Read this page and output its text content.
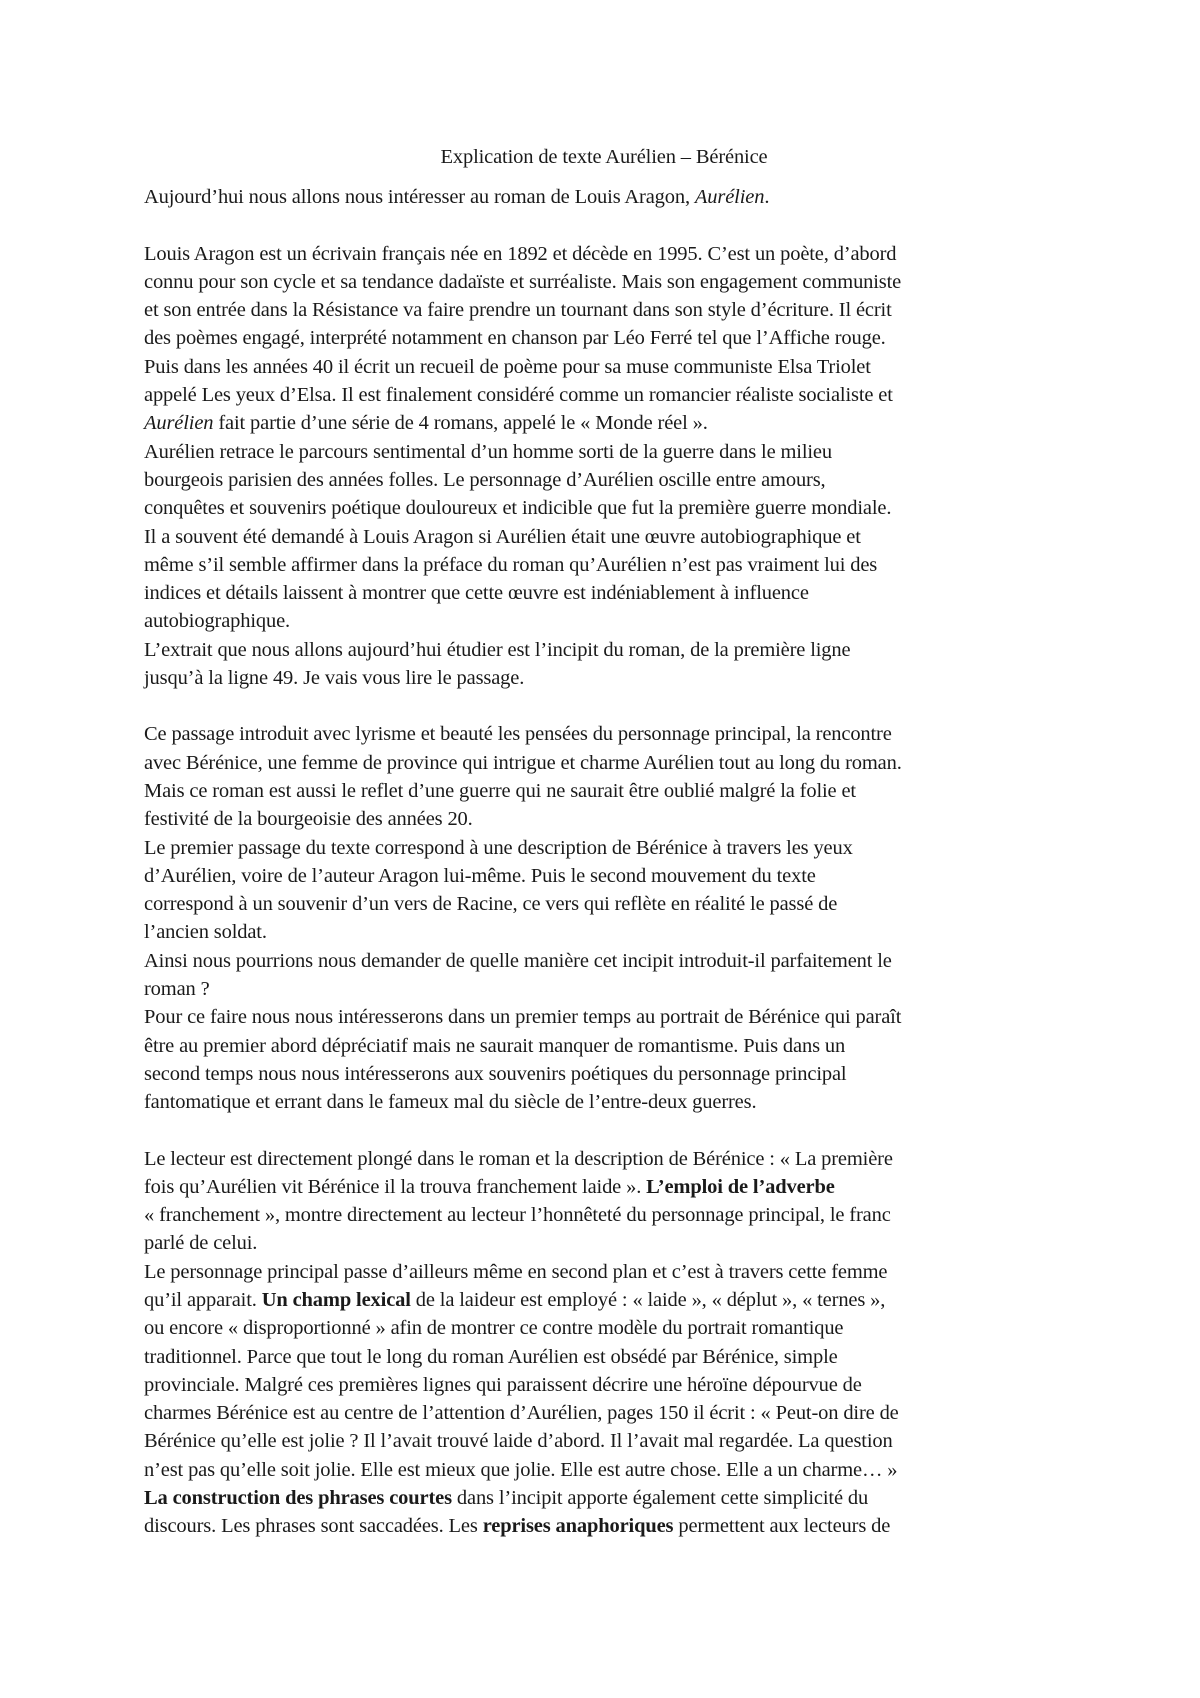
Explication de texte Aurélien – Bérénice
Aujourd’hui nous allons nous intéresser au roman de Louis Aragon, Aurélien.
Louis Aragon est un écrivain français née en 1892 et décède en 1995. C’est un poète, d’abord
connu pour son cycle et sa tendance dadaïste et surréaliste. Mais son engagement communiste
et son entrée dans la Résistance va faire prendre un tournant dans son style d’écriture. Il écrit
des poèmes engagé, interprété notamment en chanson par Léo Ferré tel que l’Affiche rouge.
Puis dans les années 40 il écrit un recueil de poème pour sa muse communiste Elsa Triolet
appelé Les yeux d’Elsa. Il est finalement considéré comme un romancier réaliste socialiste et
Aurélien fait partie d’une série de 4 romans, appelé le « Monde réel ».
Aurélien retrace le parcours sentimental d’un homme sorti de la guerre dans le milieu
bourgeois parisien des années folles. Le personnage d’Aurélien oscille entre amours,
conquêtes et souvenirs poétique douloureux et indicible que fut la première guerre mondiale.
Il a souvent été demandé à Louis Aragon si Aurélien était une œuvre autobiographique et
même s’il semble affirmer dans la préface du roman qu’Aurélien n’est pas vraiment lui des
indices et détails laissent à montrer que cette œuvre est indéniablement à influence
autobiographique.
L’extrait que nous allons aujourd’hui étudier est l’incipit du roman, de la première ligne
jusqu’à la ligne 49. Je vais vous lire le passage.
Ce passage introduit avec lyrisme et beauté les pensées du personnage principal, la rencontre
avec Bérénice, une femme de province qui intrigue et charme Aurélien tout au long du roman.
Mais ce roman est aussi le reflet d’une guerre qui ne saurait être oublié malgré la folie et
festivité de la bourgeoisie des années 20.
Le premier passage du texte correspond à une description de Bérénice à travers les yeux
d’Aurélien, voire de l’auteur Aragon lui-même. Puis le second mouvement du texte
correspond à un souvenir d’un vers de Racine, ce vers qui reflète en réalité le passé de
l’ancien soldat.
Ainsi nous pourrions nous demander de quelle manière cet incipit introduit-il parfaitement le
roman ?
Pour ce faire nous nous intéresserons dans un premier temps au portrait de Bérénice qui paraît
être au premier abord dépréciatif mais ne saurait manquer de romantisme. Puis dans un
second temps nous nous intéresserons aux souvenirs poétiques du personnage principal
fantomatique et errant dans le fameux mal du siècle de l’entre-deux guerres.
Le lecteur est directement plongé dans le roman et la description de Bérénice : « La première
fois qu’Aurélien vit Bérénice il la trouva franchement laide ». L’emploi de l’adverbe
« franchement », montre directement au lecteur l’honnêteté du personnage principal, le franc
parlé de celui.
Le personnage principal passe d’ailleurs même en second plan et c’est à travers cette femme
qu’il apparait. Un champ lexical de la laideur est employé : « laide », « déplut », « ternes »,
ou encore « disproportionné » afin de montrer ce contre modèle du portrait romantique
traditionnel. Parce que tout le long du roman Aurélien est obsédé par Bérénice, simple
provinciale. Malgré ces premières lignes qui paraissent décrire une héroïne dépourvue de
charmes Bérénice est au centre de l’attention d’Aurélien, pages 150 il écrit : « Peut-on dire de
Bérénice qu’elle est jolie ? Il l’avait trouvé laide d’abord. Il l’avait mal regardée. La question
n’est pas qu’elle soit jolie. Elle est mieux que jolie. Elle est autre chose. Elle a un charme… »
La construction des phrases courtes dans l’incipit apporte également cette simplicité du
discours. Les phrases sont saccadées. Les reprises anaphoriques permettent aux lecteurs de
